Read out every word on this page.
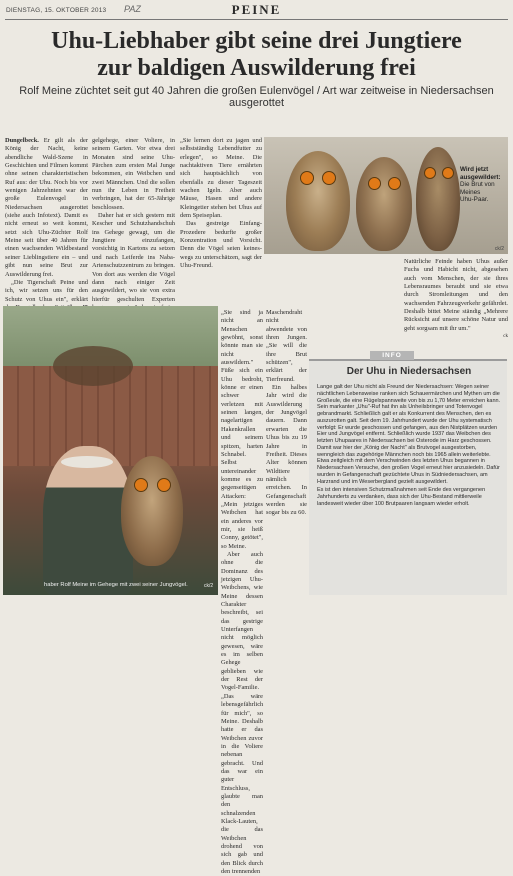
DIENSTAG, 15. OKTOBER 2013 PAZ	PEINE
Uhu-Liebhaber gibt seine drei Jungtiere
zur baldigen Auswilderung frei
Rolf Meine züchtet seit gut 40 Jahren die großen Eulenvögel / Art war zeitweise in Niedersachsen ausgerottet

Dungelbeck. Er gilt als der König der Nacht, keine abendliche Wald-Szene in Geschichten und Filmen kommt ohne seinen charakteristischen Ruf aus: der Uhu. Noch bis vor wenigen Jahrzehnten war der große Eulenvogel in Niedersachsen ausgerottet (siehe auch Infotext). Damit es nicht erneut so weit kommt, setzt sich Uhu-Züchter Rolf Meine seit über 40 Jahren für einen wachsenden Wildbestand seiner Lieblingstiere ein – und gibt nun seine Brut zur Auswilderung frei.

„Die Tigerschaft Peine und ich, wir setzen uns für den Schutz von Uhus ein", erklärt

gelgehege, einer Voliere, in seinem Garten. Vor etwa drei Monaten sind seine Uhu-Pärchen zum ersten Mal Junge bekommen, ein Weibchen und zwei Männchen. Und die sollen nun ihr Leben in Freiheit verbringen, hat der 65-Jährige beschlossen.

Daher hat er sich gestern mit Kescher und Schutzhandschuh ins Gehege gewagt, um die Jungtiere einzufangen, vorsichtig in Kartons zu setzen und nach Leiferde ins Naba-Artenschutzzentrum zu bringen. Von dort aus werden die Vögel dann nach einiger Zeit ausgewildert, wo sie von extra hierfür geschulten Experten

„Sie lernen dort zu jagen und selbstständig Lebendfutter zu erlegen", so Meine. Die nachtaktiven Tiere ernährten sich hauptsächlich von ebenfalls zu dieser Tageszeit wachen Igeln. Aber auch Mäuse, Hasen und andere Kleingetier stehen bei Uhus auf dem Speiseplan.

Das gestreige Einfang-Prozedere bedurfte großer Konzentration und Vorsicht. Denn die Vögel seien keineswegs zu unterschätzen, sagt der Uhu-Freund.

ck/2
Wird jetzt
ausgewildert:
Die Brut von
Meines
Uhu-Paar.
haber Rolf Meine im Gehege mit zwei seiner Jungvögel.	ck/2

„Sie sind ja nicht an Menschen gewöhnt, sonst könnte man sie nicht auswildern." Füße sich ein Uhu bedroht, könne er einen schwer verletzen mit seinen langen, nagelartigen Hakenkrallen und seinem spitzen, harten Schnabel. Selbst untereinander komme es zu gegenseitigen Attacken: „Mein jetziges Weibchen hat ein anderes vor mir, sie heiß Conny, getötet", so Meine.

Aber auch ohne die Dominanz des jetzigen Uhu-Weibchens, wie Meine dessen Charakter beschreibt, sei das gestrige Unterfangen nicht möglich gewesen, wäre es im selben Gehege geblieben wie der Rest der Vogel-Familie. „Das wäre lebensgefährlich für mich", so Meine. Deshalb hatte er das Weibchen zuvor in die Voliere nebenan gebracht. Und das war ein guter Entschluss, glaubte man den schnalzenden Klack-Lauten, die das Weibchen drohend von sich gab und den Blick durch den trennenden

Maschendraht nicht abwendete von ihren Jungen. „Sie will die ihre Brut schützen", erklärt der Tierfreund.

Ein halbes Jahr wird die Auswilderung der Jungvögel dauern. Dann erwarten die Uhus bis zu 19 Jahre in Freiheit. Dieses Alter können Wildtiere nämlich erreichen. In Gefangenschaft werden sie sogar bis zu 60.

Natürliche Feinde haben Uhus außer Fuchs und Habicht nicht, abgesehen auch vom Menschen, der sie ihres Lebensraumes beraubt und sie etwa durch Stromleitungen und den wachsenden Fahrzeugverkehr gefährdet. Deshalb bittet Meine ständig „Mehrere Rücksicht auf unsere schöne Natur und geht sorgsam mit ihr um."

ck
INFO
Der Uhu in Niedersachsen

Lange galt der Uhu nicht als Freund der Niedersachsen: Wegen seiner nächtlichen Lebensweise ranken sich Schauermärchen und Mythen um die Großeule, die eine Flügelspannweite von bis zu 1,70 Meter erreichen kann. Sein markanter „Uhu"-Ruf hat ihn als Unheilsbringer und Totenvogel gebrandmarkt. Schließlich galt er als Konkurrent des Menschen, den es auszurotten galt. Seit dem 19. Jahrhundert wurde der Uhu systematisch verfolgt: Er wurde geschossen und gefangen, aus den Nistplätzen wurden Eier und Jungvögel entfernt. Schließlich wurde 1937 das Weibchen des letzten Uhupaares in Niedersachsen bei Osterode im Harz geschossen. Damit war hier der „König der Nacht" als Brutvogel ausgestorben, wenngleich das zugehörige Männchen noch bis 1965 allein weiterlebte. Etwa zeitgleich mit dem Verschwinden des letzten Uhus begannen in Niedersachsen Versuche, den großen Vogel erneut hier anzusiedeln. Dafür wurden in Gefangenschaft gezüchtete Uhus in Südniedersachsen, am Harzrand und im Weserbergland gezielt ausgewildert.

Es ist den intensiven Schutzmaßnahmen seit Ende des vergangenen Jahrhunderts zu verdanken, dass sich der Uhu-Bestand mittlerweile landesweit wieder über 100 Brutpaaren langsam wieder erholt.
